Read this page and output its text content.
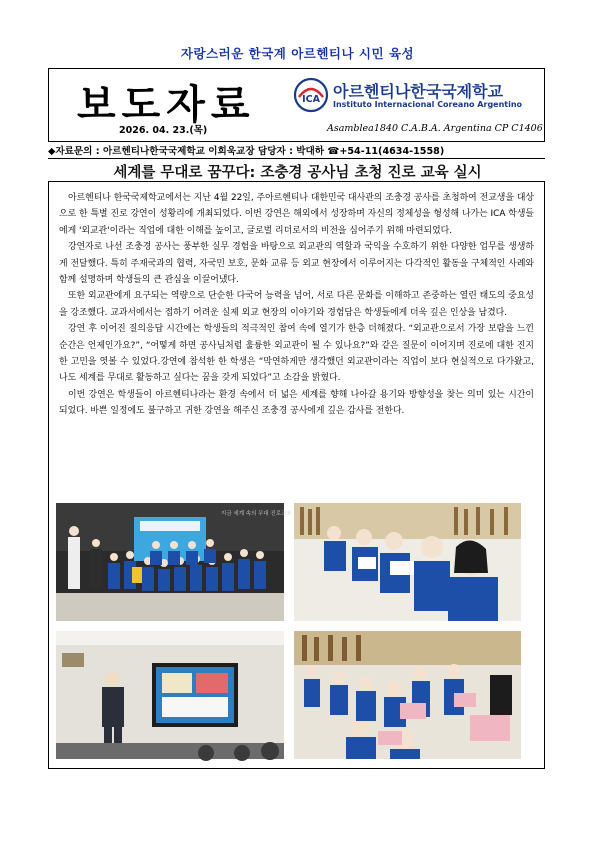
자랑스러운 한국계 아르헨티나 시민 육성
보도자료
2026. 04. 23.(목)
ICA 아르헨티나한국국제학교
Instituto Internacional Coreano Argentino
Asamblea1840 C.A.B.A. Argentina CP C1406
◆자료문의 : 아르헨티나한국국제학교 이희욱교장 담당자 : 박대하 ☎+54-11(4634-1558)
세계를 무대로 꿈꾸다: 조충경 공사님 초청 진로 교육 실시

아르헨티나 한국국제학교에서는 지난 4월 22일, 주아르헨티나 대한민국 대사관의 조충경 공사를 초청하여 전교생을 대상으로 한 특별 진로 강연이 성황리에 개최되었다. 이번 강연은 해외에서 성장하며 자신의 정체성을 형성해 나가는 ICA 학생들에게 '외교관'이라는 직업에 대한 이해를 높이고, 글로벌 리더로서의 비전을 심어주기 위해 마련되었다.

강연자로 나선 조충경 공사는 풍부한 실무 경험을 바탕으로 외교관의 역할과 국익을 수호하기 위한 다양한 업무를 생생하게 전달했다. 특히 주재국과의 협력, 자국민 보호, 문화 교류 등 외교 현장에서 이루어지는 다각적인 활동을 구체적인 사례와 함께 설명하며 학생들의 큰 관심을 이끌어냈다.

또한 외교관에게 요구되는 역량으로 단순한 다국어 능력을 넘어, 서로 다른 문화를 이해하고 존중하는 열린 태도의 중요성을 강조했다. 교과서에서는 접하기 어려운 실제 외교 현장의 이야기와 경험담은 학생들에게 더욱 깊은 인상을 남겼다.

강연 후 이어진 질의응답 시간에는 학생들의 적극적인 참여 속에 열기가 한층 더해졌다. “외교관으로서 가장 보람을 느낀 순간은 언제인가요?”, “어떻게 하면 공사님처럼 훌륭한 외교관이 될 수 있나요?”와 같은 질문이 이어지며 진로에 대한 진지한 고민을 엿볼 수 있었다.강연에 참석한 한 학생은 “막연하게만 생각했던 외교관이라는 직업이 보다 현실적으로 다가왔고, 나도 세계를 무대로 활동하고 싶다는 꿈을 갖게 되었다”고 소감을 밝혔다.

이번 강연은 학생들이 아르헨티나라는 환경 속에서 더 넓은 세계를 향해 나아갈 용기와 방향성을 찾는 의미 있는 시간이 되었다. 바쁜 일정에도 불구하고 귀한 강연을 해주신 조충경 공사에게 깊은 감사를 전한다.

지금 세계 속의 무대 진로교육
